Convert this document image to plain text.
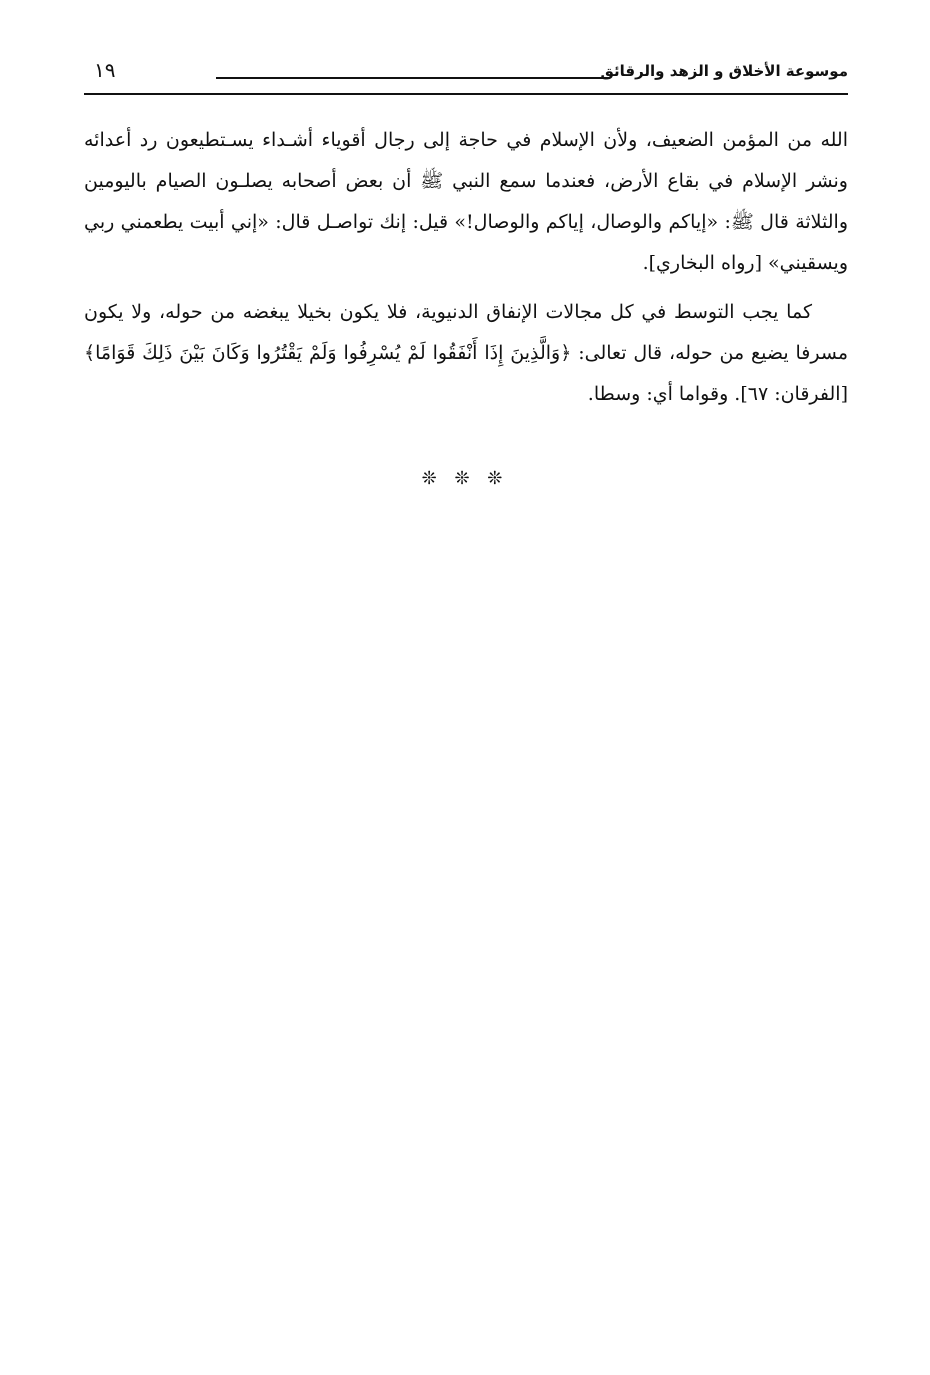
موسوعة الأخلاق و الزهد والرقائق
١٩

الله من المؤمن الضعيف، ولأن الإسلام في حاجة إلى رجال أقوياء أشـداء يسـتطيعون رد أعدائه ونشر الإسلام في بقاع الأرض، فعندما سمع النبي ﷺ أن بعض أصحابه يصلـون الصيام باليومين والثلاثة قال ﷺ: «إياكم والوصال، إياكم والوصال!» قيل: إنك تواصـل قال: «إني أبيت يطعمني ربي ويسقيني» [رواه البخاري].

كما يجب التوسط في كل مجالات الإنفاق الدنيوية، فلا يكون بخيلا يبغضه من حوله، ولا يكون مسرفا يضيع من حوله، قال تعالى: ﴿وَالَّذِينَ إِذَا أَنْفَقُوا لَمْ يُسْرِفُوا وَلَمْ يَقْتُرُوا وَكَانَ بَيْنَ ذَلِكَ قَوَامًا﴾ [الفرقان: ٦٧]. وقواما أي: وسطا.

❊ ❊ ❊
